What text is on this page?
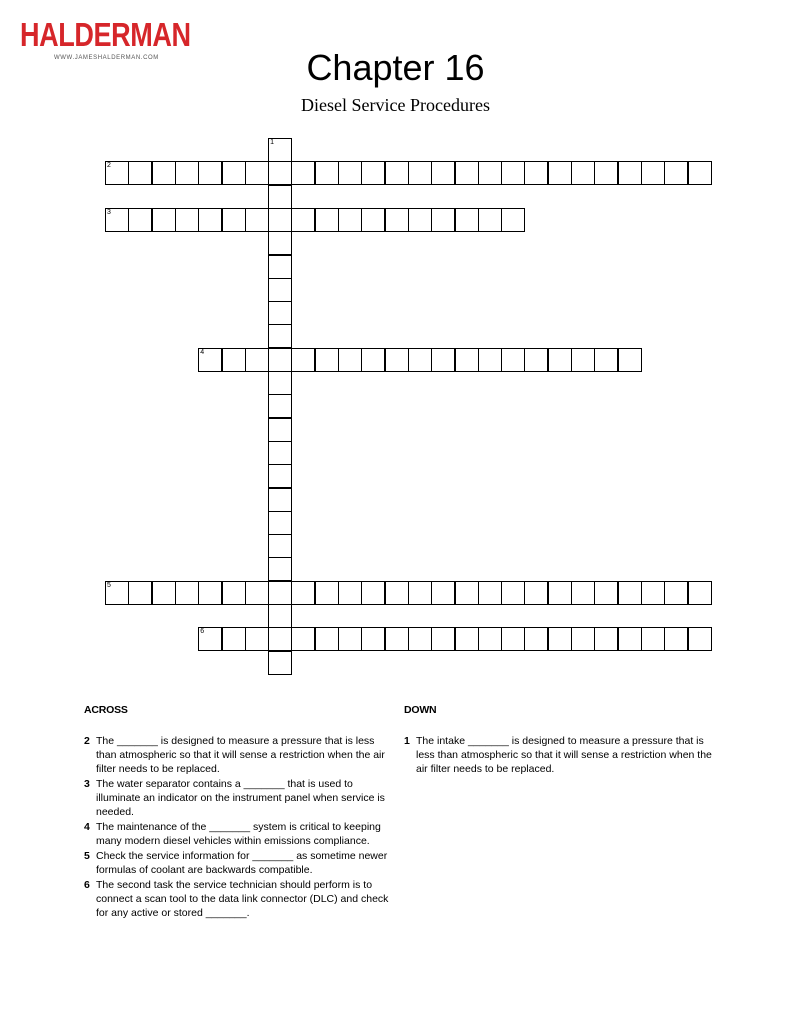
HALDERMAN
WWW.JAMESHALDERMAN.COM	Chapter 16
Diesel Service Procedures
1
2
3
4
5
6
ACROSS
2 The _______ is designed to measure a pressure that is less than atmospheric so that it will sense a restriction when the air filter needs to be replaced.
3 The water separator contains a _______ that is used to illuminate an indicator on the instrument panel when service is needed.
4 The maintenance of the _______ system is critical to keeping many modern diesel vehicles within emissions compliance.
5 Check the service information for _______ as sometime newer formulas of coolant are backwards compatible.
6 The second task the service technician should perform is to connect a scan tool to the data link connector (DLC) and check for any active or stored _______.
DOWN
1 The intake _______ is designed to measure a pressure that is less than atmospheric so that it will sense a restriction when the air filter needs to be replaced.
